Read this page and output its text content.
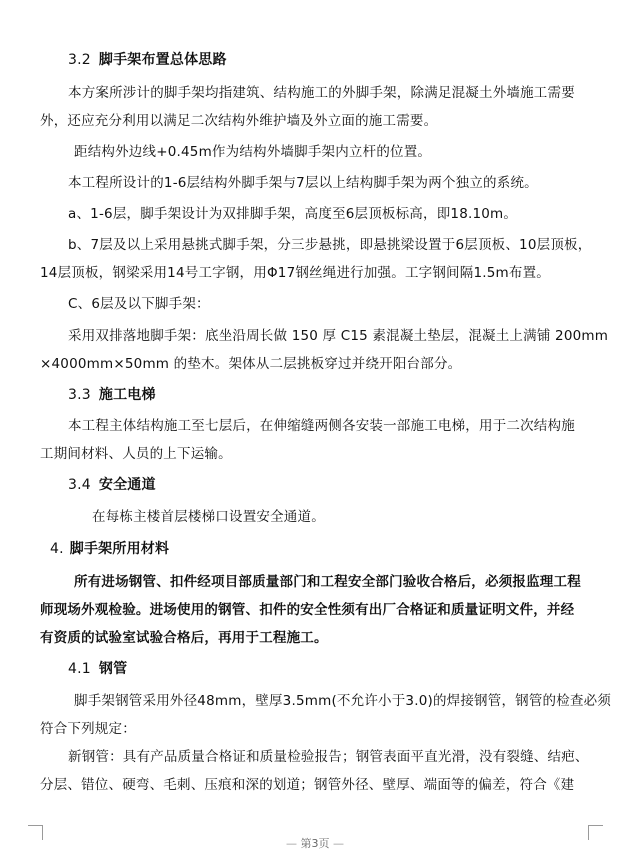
3.2 脚手架布置总体思路
本方案所涉计的脚手架均指建筑、结构施工的外脚手架，除满足混凝土外墙施工需要
外，还应充分利用以满足二次结构外维护墙及外立面的施工需要。
距结构外边线+0.45m作为结构外墙脚手架内立杆的位置。
本工程所设计的1-6层结构外脚手架与7层以上结构脚手架为两个独立的系统。
a、1-6层，脚手架设计为双排脚手架，高度至6层顶板标高，即18.10m。
b、7层及以上采用悬挑式脚手架，分三步悬挑，即悬挑梁设置于6层顶板、10层顶板，
14层顶板，钢梁采用14号工字钢，用Φ17钢丝绳进行加强。工字钢间隔1.5m布置。
C、6层及以下脚手架：
采用双排落地脚手架：底坐沿周长做 150 厚 C15 素混凝土垫层，混凝土上满铺 200mm
×4000mm×50mm 的垫木。架体从二层挑板穿过并绕开阳台部分。
3.3 施工电梯
本工程主体结构施工至七层后，在伸缩缝两侧各安装一部施工电梯，用于二次结构施
工期间材料、人员的上下运输。
3.4 安全通道
在每栋主楼首层楼梯口设置安全通道。
4. 脚手架所用材料
所有进场钢管、扣件经项目部质量部门和工程安全部门验收合格后，必须报监理工程
师现场外观检验。进场使用的钢管、扣件的安全性须有出厂合格证和质量证明文件，并经
有资质的试验室试验合格后，再用于工程施工。
4.1 钢管
脚手架钢管采用外径48mm，壁厚3.5mm(不允许小于3.0)的焊接钢管，钢管的检查必须
符合下列规定：
新钢管：具有产品质量合格证和质量检验报告；钢管表面平直光滑，没有裂缝、结疤、
分层、错位、硬弯、毛刺、压痕和深的划道；钢管外径、壁厚、端面等的偏差，符合《建
— 第3页 —
